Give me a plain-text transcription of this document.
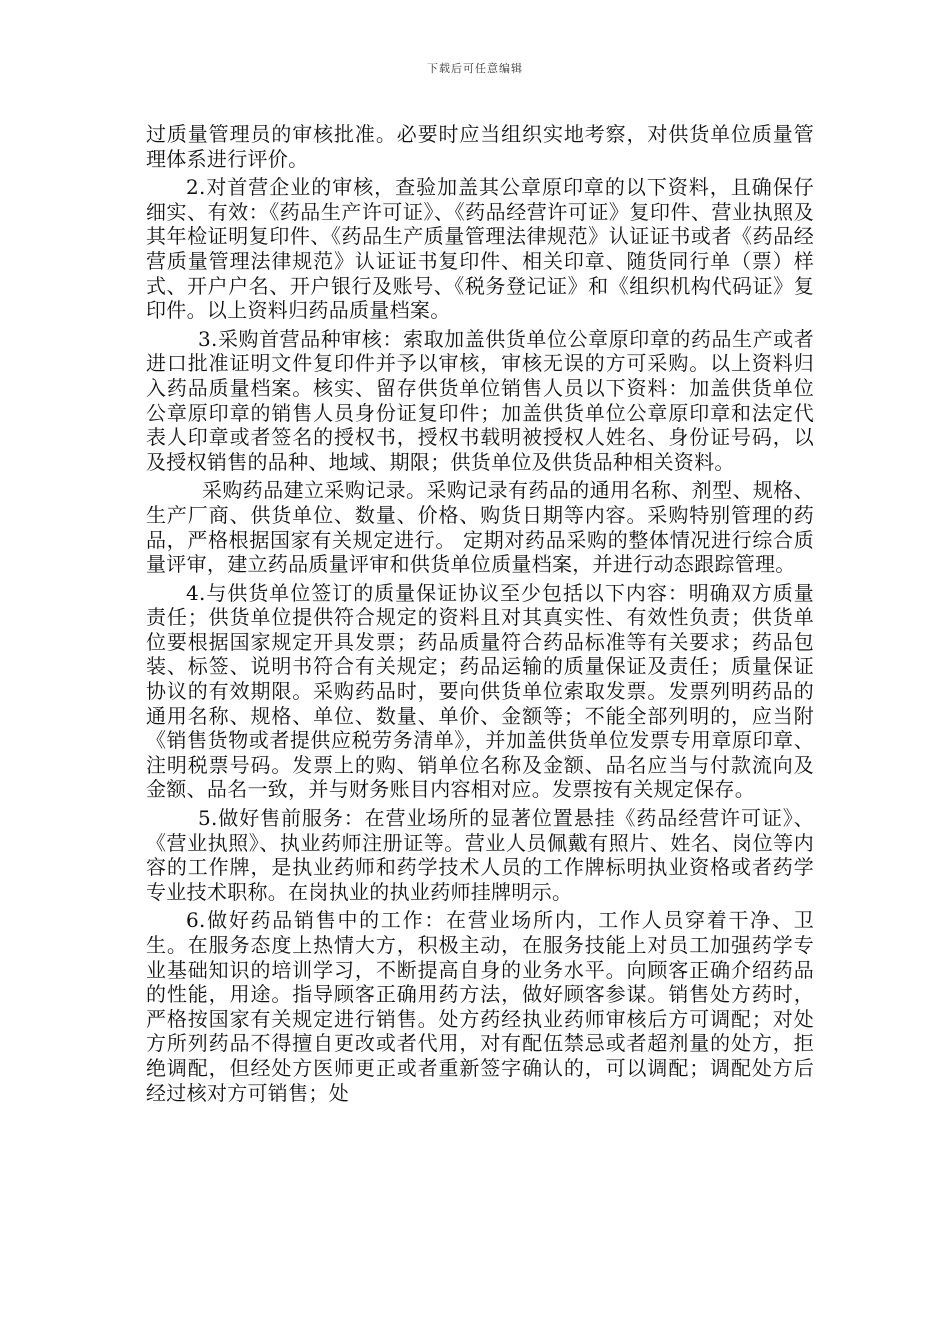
下载后可任意编辑

过质量管理员的审核批准。必要时应当组织实地考察，对供货单位质量管理体系进行评价。

2.对首营企业的审核，查验加盖其公章原印章的以下资料，且确保仔细实、有效：《药品生产许可证》、《药品经营许可证》复印件、营业执照及其年检证明复印件、《药品生产质量管理法律规范》认证证书或者《药品经营质量管理法律规范》认证证书复印件、相关印章、随货同行单（票）样式、开户户名、开户银行及账号、《税务登记证》和《组织机构代码证》复印件。以上资料归药品质量档案。

3.采购首营品种审核：索取加盖供货单位公章原印章的药品生产或者进口批准证明文件复印件并予以审核，审核无误的方可采购。以上资料归入药品质量档案。核实、留存供货单位销售人员以下资料：加盖供货单位公章原印章的销售人员身份证复印件；加盖供货单位公章原印章和法定代表人印章或者签名的授权书，授权书载明被授权人姓名、身份证号码，以及授权销售的品种、地域、期限；供货单位及供货品种相关资料。

采购药品建立采购记录。采购记录有药品的通用名称、剂型、规格、生产厂商、供货单位、数量、价格、购货日期等内容。采购特别管理的药品，严格根据国家有关规定进行。 定期对药品采购的整体情况进行综合质量评审，建立药品质量评审和供货单位质量档案，并进行动态跟踪管理。

4.与供货单位签订的质量保证协议至少包括以下内容：明确双方质量责任；供货单位提供符合规定的资料且对其真实性、有效性负责；供货单位要根据国家规定开具发票；药品质量符合药品标准等有关要求；药品包装、标签、说明书符合有关规定；药品运输的质量保证及责任；质量保证协议的有效期限。采购药品时，要向供货单位索取发票。发票列明药品的通用名称、规格、单位、数量、单价、金额等；不能全部列明的，应当附《销售货物或者提供应税劳务清单》，并加盖供货单位发票专用章原印章、注明税票号码。发票上的购、销单位名称及金额、品名应当与付款流向及金额、品名一致，并与财务账目内容相对应。发票按有关规定保存。

5.做好售前服务：在营业场所的显著位置悬挂《药品经营许可证》、《营业执照》、执业药师注册证等。营业人员佩戴有照片、姓名、岗位等内容的工作牌，是执业药师和药学技术人员的工作牌标明执业资格或者药学专业技术职称。在岗执业的执业药师挂牌明示。

6.做好药品销售中的工作：在营业场所内，工作人员穿着干净、卫生。在服务态度上热情大方，积极主动，在服务技能上对员工加强药学专业基础知识的培训学习，不断提高自身的业务水平。向顾客正确介绍药品的性能，用途。指导顾客正确用药方法，做好顾客参谋。销售处方药时，严格按国家有关规定进行销售。处方药经执业药师审核后方可调配；对处方所列药品不得擅自更改或者代用，对有配伍禁忌或者超剂量的处方，拒绝调配，但经处方医师更正或者重新签字确认的，可以调配；调配处方后经过核对方可销售；处
